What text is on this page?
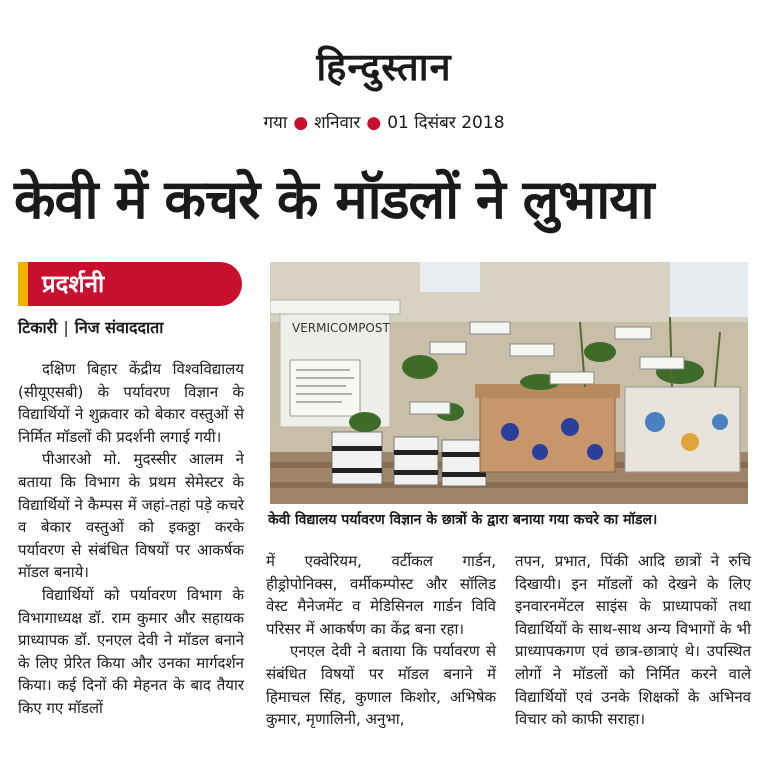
हिन्दुस्तान
गया ● शनिवार ● 01 दिसंबर 2018
केवी में कचरे के मॉडलों ने लुभाया
प्रदर्शनी
टिकारी | निज संवाददाता

दक्षिण बिहार केंद्रीय विश्वविद्यालय (सीयूएसबी) के पर्यावरण विज्ञान के विद्यार्थियों ने शुक्रवार को बेकार वस्तुओं से निर्मित मॉडलों की प्रदर्शनी लगाई गयी।

पीआरओ मो. मुदस्सीर आलम ने बताया कि विभाग के प्रथम सेमेस्टर के विद्यार्थियों ने कैम्पस में जहां-तहां पड़े कचरे व बेकार वस्तुओं को इकठ्ठा करके पर्यावरण से संबंधित विषयों पर आकर्षक मॉडल बनाये।

विद्यार्थियों को पर्यावरण विभाग के विभागाध्यक्ष डॉ. राम कुमार और सहायक प्राध्यापक डॉ. एनएल देवी ने मॉडल बनाने के लिए प्रेरित किया और उनका मार्गदर्शन किया। कई दिनों की मेहनत के बाद तैयार किए गए मॉडलों

VERMICOMPOST
केवी विद्यालय पर्यावरण विज्ञान के छात्रों के द्वारा बनाया गया कचरे का मॉडल।

में एक्वेरियम, वर्टीकल गार्डन, हीड्रोपोनिक्स, वर्मीकम्पोस्ट और सॉलिड वेस्ट मैनेजमेंट व मेडिसिनल गार्डन विवि परिसर में आकर्षण का केंद्र बना रहा।

एनएल देवी ने बताया कि पर्यावरण से संबंधित विषयों पर मॉडल बनाने में हिमाचल सिंह, कुणाल किशोर, अभिषेक कुमार, मृणालिनी, अनुभा,

तपन, प्रभात, पिंकी आदि छात्रों ने रुचि दिखायी। इन मॉडलों को देखने के लिए इनवारनमेंटल साइंस के प्राध्यापकों तथा विद्यार्थियों के साथ-साथ अन्य विभागों के भी प्राध्यापकगण एवं छात्र-छात्राएं थे। उपस्थित लोगों ने मॉडलों को निर्मित करने वाले विद्यार्थियों एवं उनके शिक्षकों के अभिनव विचार को काफी सराहा।
